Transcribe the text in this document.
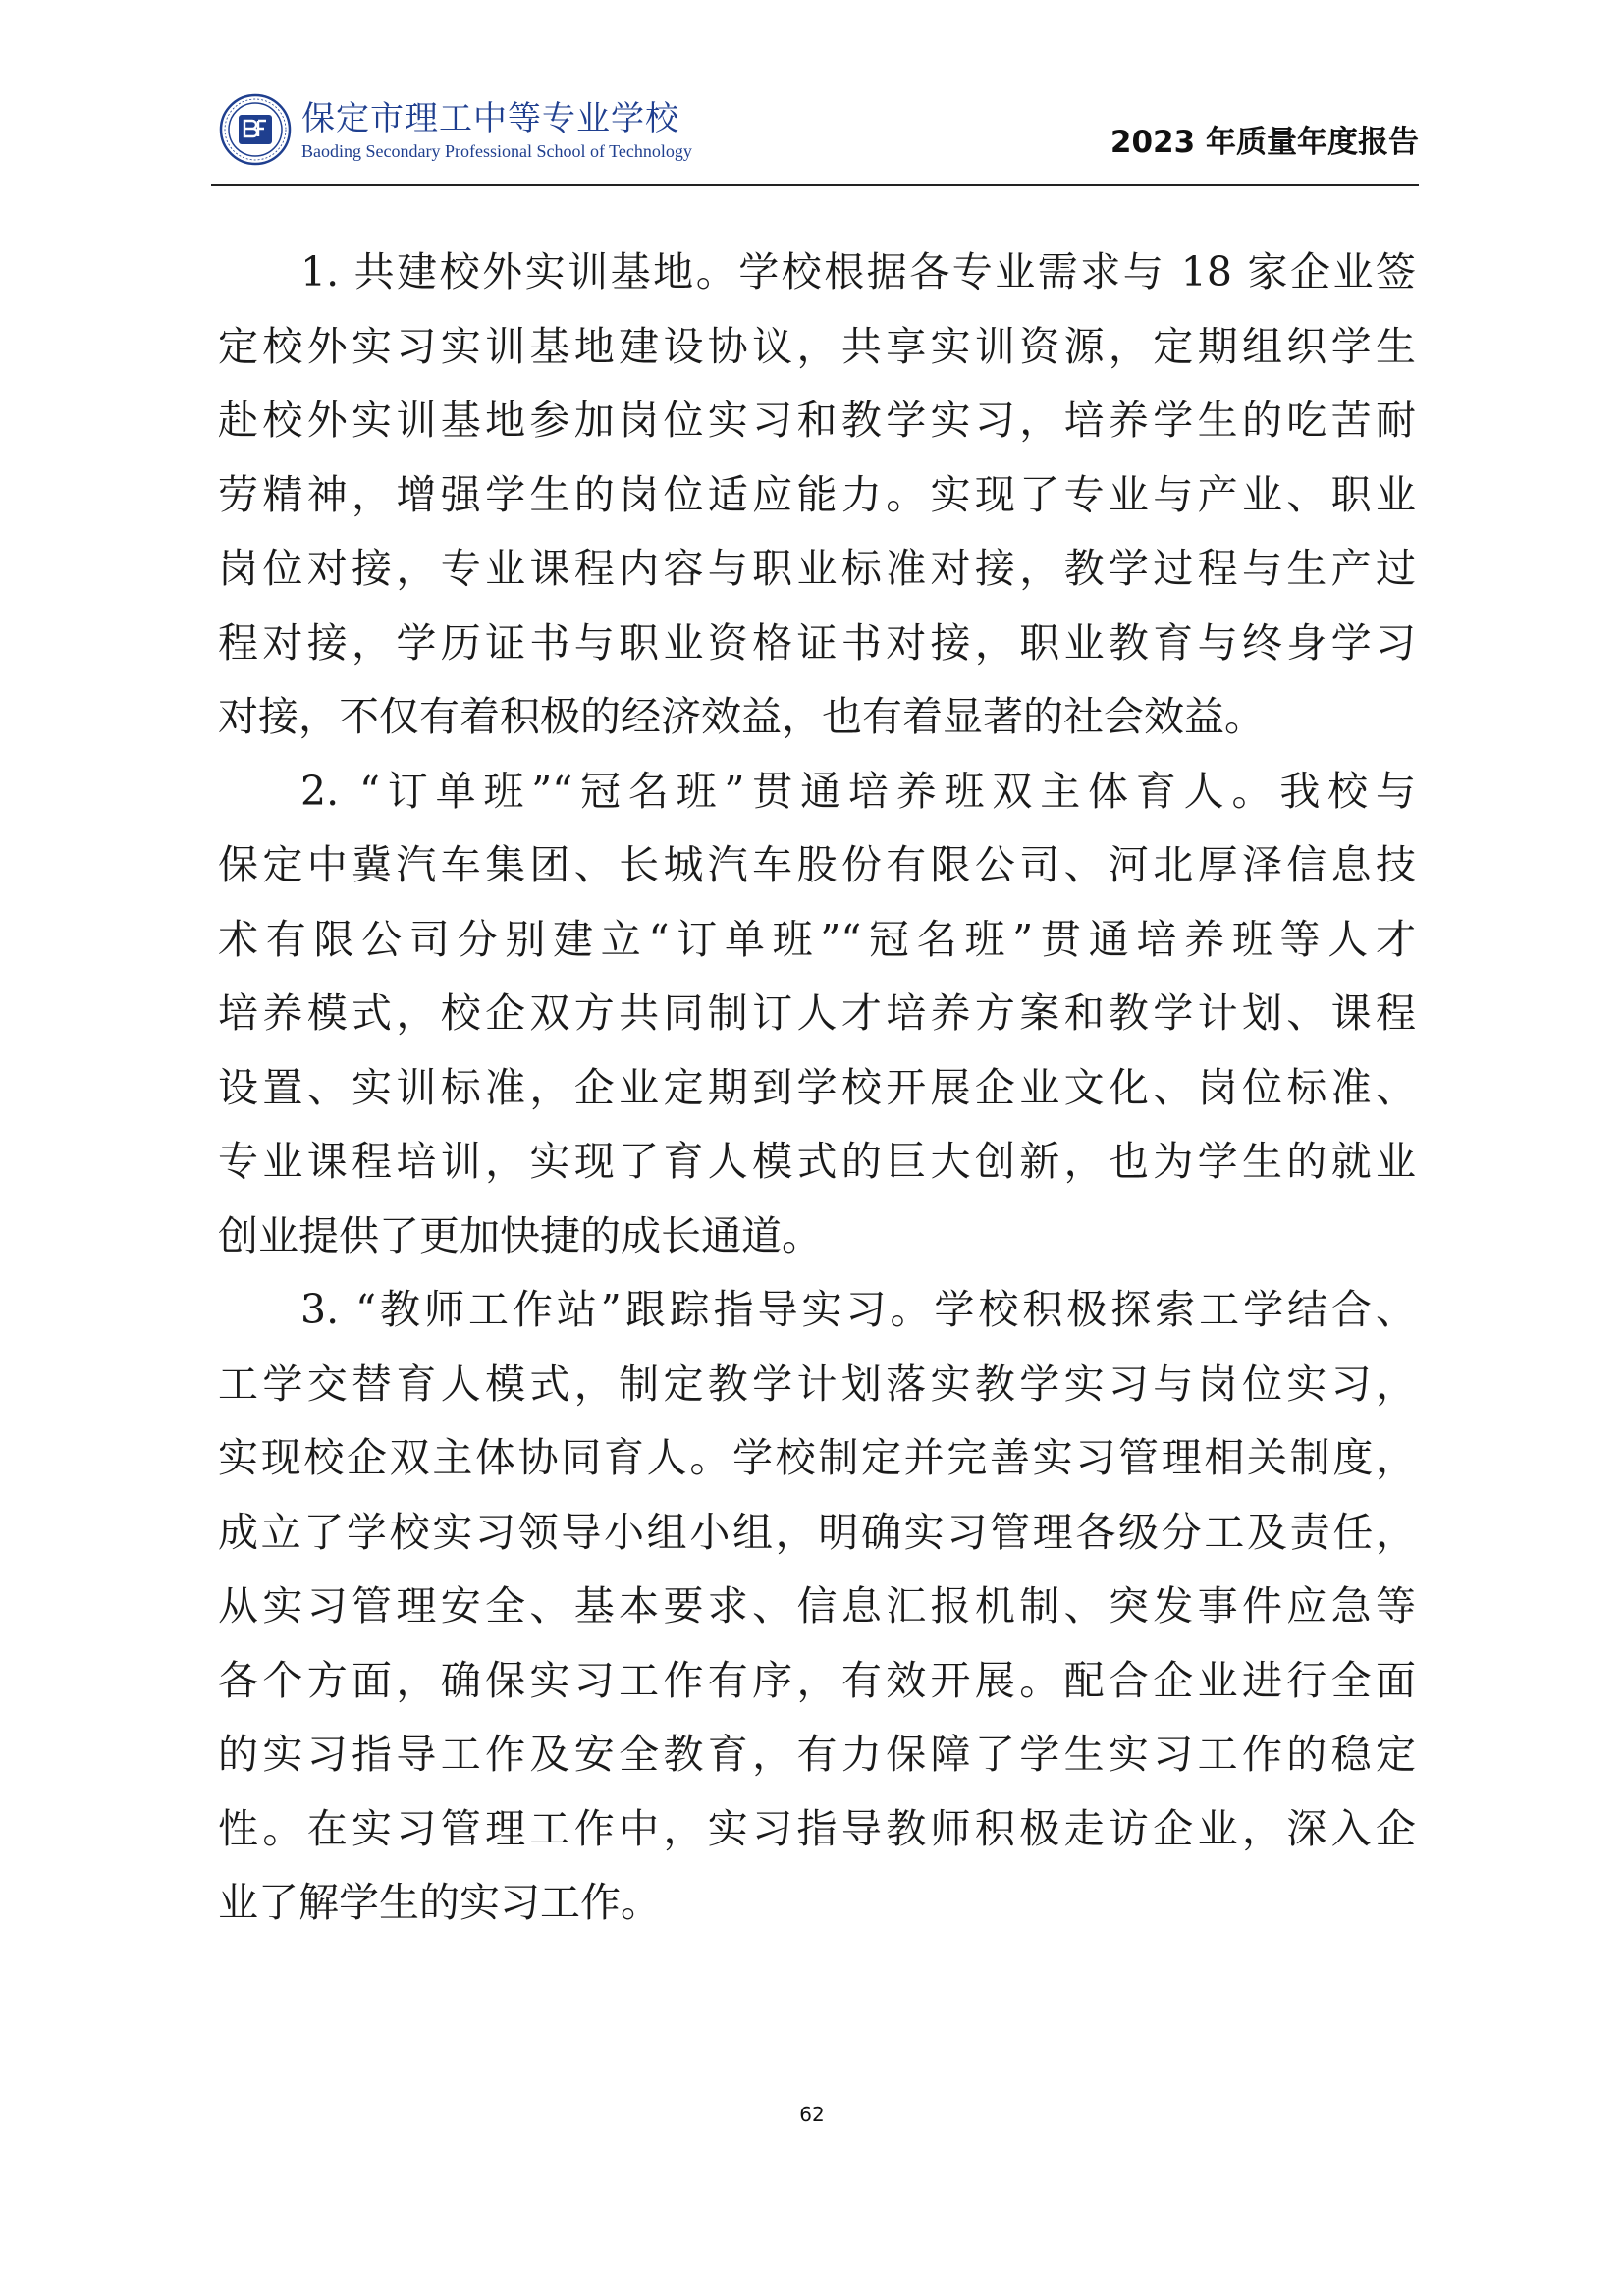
保定市理工中等专业学校
Baoding Secondary Professional School of Technology	2023 年质量年度报告
1. 共建校外实训基地。学校根据各专业需求与 18 家企业签
定校外实习实训基地建设协议，共享实训资源，定期组织学生
赴校外实训基地参加岗位实习和教学实习，培养学生的吃苦耐
劳精神，增强学生的岗位适应能力。实现了专业与产业、职业
岗位对接，专业课程内容与职业标准对接，教学过程与生产过
程对接，学历证书与职业资格证书对接，职业教育与终身学习
对接，不仅有着积极的经济效益，也有着显著的社会效益。
2. “订单班”“冠名班”贯通培养班双主体育人。我校与
保定中冀汽车集团、长城汽车股份有限公司、河北厚泽信息技
术有限公司分别建立“订单班”“冠名班”贯通培养班等人才
培养模式，校企双方共同制订人才培养方案和教学计划、课程
设置、实训标准，企业定期到学校开展企业文化、岗位标准、
专业课程培训，实现了育人模式的巨大创新，也为学生的就业
创业提供了更加快捷的成长通道。
3. “教师工作站”跟踪指导实习。学校积极探索工学结合、
工学交替育人模式，制定教学计划落实教学实习与岗位实习，
实现校企双主体协同育人。学校制定并完善实习管理相关制度，
成立了学校实习领导小组小组，明确实习管理各级分工及责任，
从实习管理安全、基本要求、信息汇报机制、突发事件应急等
各个方面，确保实习工作有序，有效开展。配合企业进行全面
的实习指导工作及安全教育，有力保障了学生实习工作的稳定
性。在实习管理工作中，实习指导教师积极走访企业，深入企
业了解学生的实习工作。
62
